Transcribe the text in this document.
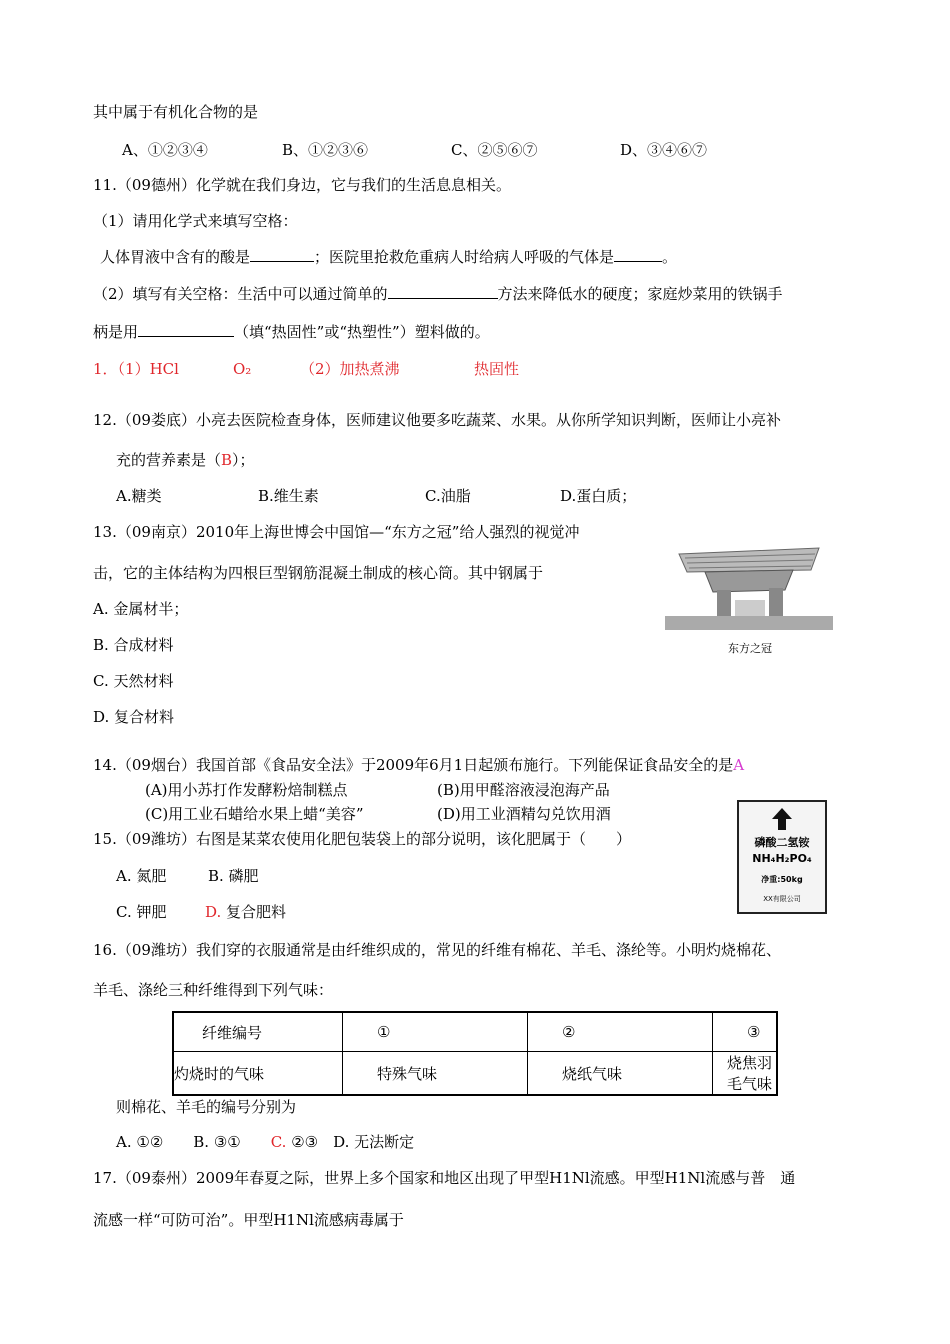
其中属于有机化合物的是
A、①②③④	B、①②③⑥	C、②⑤⑥⑦	D、③④⑥⑦
11.（09德州）化学就在我们身边，它与我们的生活息息相关。
（1）请用化学式来填写空格：
人体胃液中含有的酸是	；医院里抢救危重病人时给病人呼吸的气体是	。
（2）填写有关空格：生活中可以通过简单的	方法来降低水的硬度；家庭炒菜用的铁锅手
柄是用	（填“热固性”或“热塑性”）塑料做的。
1．（1）HCl	O₂	（2）加热煮沸	热固性
12.（09娄底）小亮去医院检查身体，医师建议他要多吃蔬菜、水果。从你所学知识判断，医师让小亮补
充的营养素是（B）；
A.糖类	B.维生素	C.油脂	D.蛋白质；
13.（09南京）2010年上海世博会中国馆—“东方之冠”给人强烈的视觉冲
击，它的主体结构为四根巨型钢筋混凝土制成的核心筒。其中钢属于
A. 金属材半；
B. 合成材料
C. 天然材料
D. 复合材料
东方之冠
14.（09烟台）我国首部《食品安全法》于2009年6月1日起颁布施行。下列能保证食品安全的是A
(A)用小苏打作发酵粉焙制糕点	(B)用甲醛溶液浸泡海产品
(C)用工业石蜡给水果上蜡“美容”	(D)用工业酒精勾兑饮用酒
15.（09潍坊）右图是某菜农使用化肥包装袋上的部分说明，该化肥属于（　　）
A. 氮肥	B. 磷肥
C. 钾肥	D. 复合肥料
磷酸二氢铵
NH₄H₂PO₄
净重:50kg
XX有限公司
16.（09潍坊）我们穿的衣服通常是由纤维织成的，常见的纤维有棉花、羊毛、涤纶等。小明灼烧棉花、
羊毛、涤纶三种纤维得到下列气味：
纤维编号	①	②	③
灼烧时的气味	特殊气味	烧纸气味	烧焦羽毛气味
则棉花、羊毛的编号分别为
A. ①②　　B. ③①　　 C. ②③　 D. 无法断定
17.（09泰州）2009年春夏之际，世界上多个国家和地区出现了甲型H1Nl流感。甲型H1Nl流感与普　通
流感一样“可防可治”。甲型H1Nl流感病毒属于
